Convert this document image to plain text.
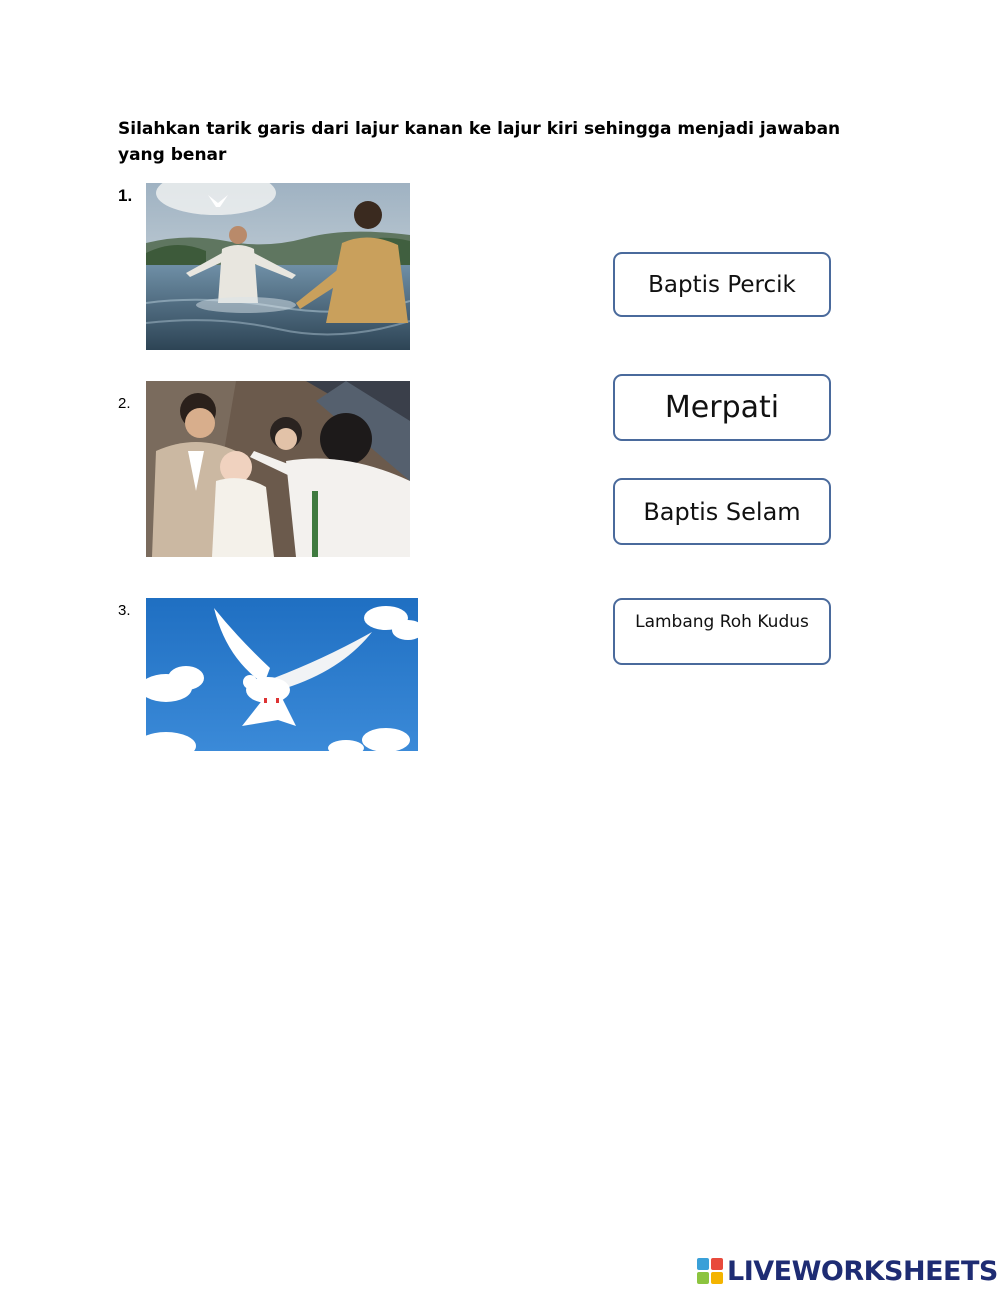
Silahkan tarik garis dari lajur kanan ke lajur kiri sehingga menjadi jawaban yang benar
1.
2.
3.
Baptis Percik
Merpati
Baptis Selam
Lambang Roh Kudus
LIVEWORKSHEETS
